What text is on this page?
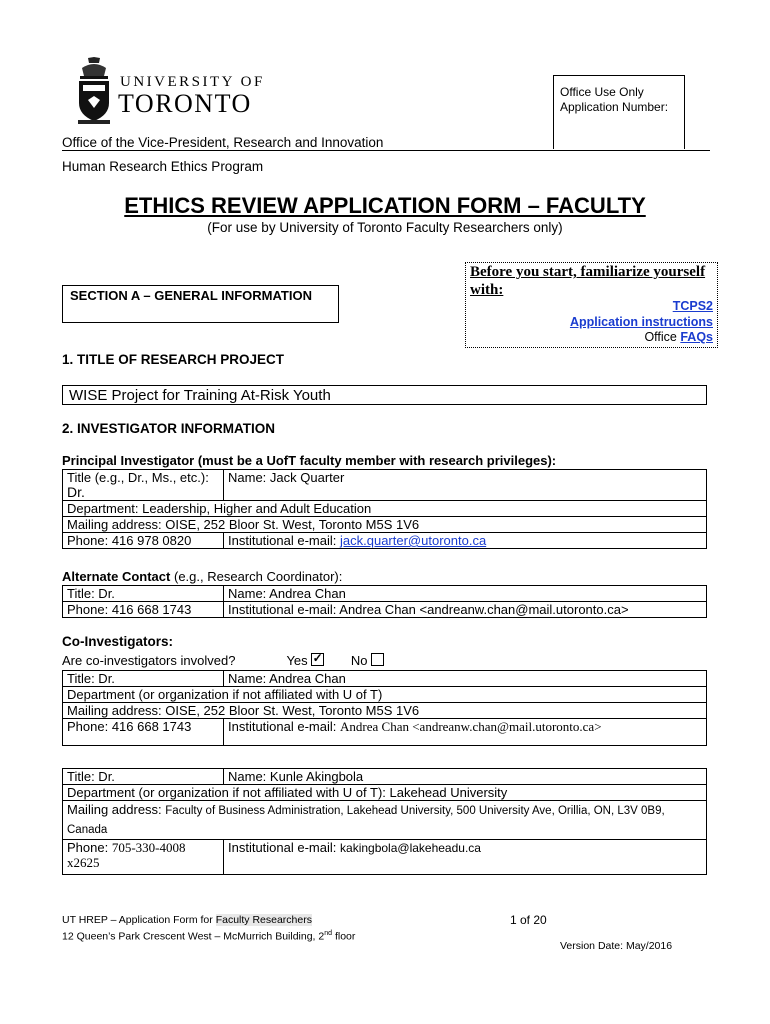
UNIVERSITY OF
TORONTO	Office Use Only
Application Number:
Office of the Vice-President, Research and Innovation
Human Research Ethics Program
ETHICS REVIEW APPLICATION FORM – FACULTY
(For use by University of Toronto Faculty Researchers only)
SECTION A – GENERAL INFORMATION
Before you start, familiarize yourself with:
TCPS2
Application instructions
Office FAQs
1. TITLE OF RESEARCH PROJECT
WISE Project for Training At-Risk Youth
2. INVESTIGATOR INFORMATION
Principal Investigator (must be a UofT faculty member with research privileges):
Title (e.g., Dr., Ms., etc.): Dr.	Name: Jack Quarter
Department: Leadership, Higher and Adult Education	
Mailing address: OISE, 252 Bloor St. West, Toronto M5S 1V6	
Phone: 416 978 0820	Institutional e-mail: jack.quarter@utoronto.ca
Alternate Contact (e.g., Research Coordinator):
Title: Dr.	Name: Andrea Chan
Phone: 416 668 1743	Institutional e-mail: Andrea Chan <andreanw.chan@mail.utoronto.ca>
Co-Investigators:
Are co-investigators involved?	Yes ✓	No
Title: Dr.	Name: Andrea Chan
Department (or organization if not affiliated with U of T)	
Mailing address: OISE, 252 Bloor St. West, Toronto M5S 1V6	
Phone: 416 668 1743	Institutional e-mail: Andrea Chan <andreanw.chan@mail.utoronto.ca>
Title: Dr.	Name: Kunle Akingbola
Department (or organization if not affiliated with U of T): Lakehead University	
Mailing address: Faculty of Business Administration, Lakehead University, 500 University Ave, Orillia, ON, L3V 0B9, Canada	
Phone: 705-330-4008 x2625	Institutional e-mail: kakingbola@lakeheadu.ca
UT HREP – Application Form for Faculty Researchers
12 Queen’s Park Crescent West – McMurrich Building, 2nd floor
1 of 20
Version Date: May/2016
